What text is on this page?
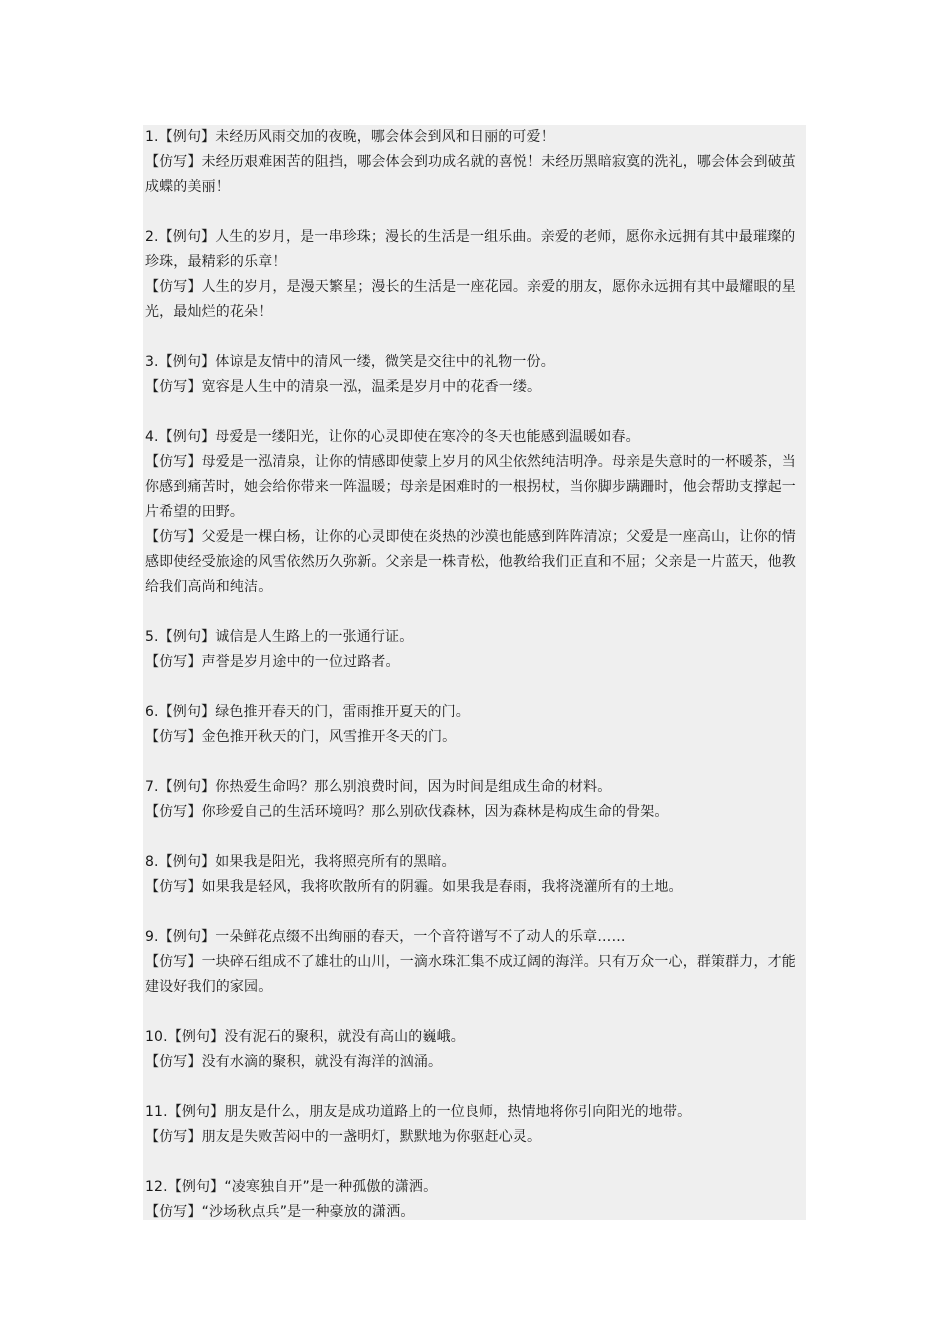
1.【例句】未经历风雨交加的夜晚，哪会体会到风和日丽的可爱！
【仿写】未经历艰难困苦的阻挡，哪会体会到功成名就的喜悦！未经历黑暗寂寞的洗礼，哪会体会到破茧成蝶的美丽！
2.【例句】人生的岁月，是一串珍珠；漫长的生活是一组乐曲。亲爱的老师，愿你永远拥有其中最璀璨的珍珠，最精彩的乐章！
【仿写】人生的岁月，是漫天繁星；漫长的生活是一座花园。亲爱的朋友，愿你永远拥有其中最耀眼的星光，最灿烂的花朵！
3.【例句】体谅是友情中的清风一缕，微笑是交往中的礼物一份。
【仿写】宽容是人生中的清泉一泓，温柔是岁月中的花香一缕。
4.【例句】母爱是一缕阳光，让你的心灵即使在寒冷的冬天也能感到温暖如春。
【仿写】母爱是一泓清泉，让你的情感即使蒙上岁月的风尘依然纯洁明净。母亲是失意时的一杯暖茶，当你感到痛苦时，她会给你带来一阵温暖；母亲是困难时的一根拐杖，当你脚步蹒跚时，他会帮助支撑起一片希望的田野。
【仿写】父爱是一棵白杨，让你的心灵即使在炎热的沙漠也能感到阵阵清凉；父爱是一座高山，让你的情感即使经受旅途的风雪依然历久弥新。父亲是一株青松，他教给我们正直和不屈；父亲是一片蓝天，他教给我们高尚和纯洁。
5.【例句】诚信是人生路上的一张通行证。
【仿写】声誉是岁月途中的一位过路者。
6.【例句】绿色推开春天的门，雷雨推开夏天的门。
【仿写】金色推开秋天的门，风雪推开冬天的门。
7.【例句】你热爱生命吗？那么别浪费时间，因为时间是组成生命的材料。
【仿写】你珍爱自己的生活环境吗？那么别砍伐森林，因为森林是构成生命的骨架。
8.【例句】如果我是阳光，我将照亮所有的黑暗。
【仿写】如果我是轻风，我将吹散所有的阴霾。如果我是春雨，我将浇灌所有的土地。
9.【例句】一朵鲜花点缀不出绚丽的春天，一个音符谱写不了动人的乐章……
【仿写】一块碎石组成不了雄壮的山川，一滴水珠汇集不成辽阔的海洋。只有万众一心，群策群力，才能建设好我们的家园。
10.【例句】没有泥石的聚积，就没有高山的巍峨。
【仿写】没有水滴的聚积，就没有海洋的汹涌。
11.【例句】朋友是什么，朋友是成功道路上的一位良师，热情地将你引向阳光的地带。
【仿写】朋友是失败苦闷中的一盏明灯，默默地为你驱赶心灵。
12.【例句】“凌寒独自开”是一种孤傲的潇洒。
【仿写】“沙场秋点兵”是一种豪放的潇洒。
